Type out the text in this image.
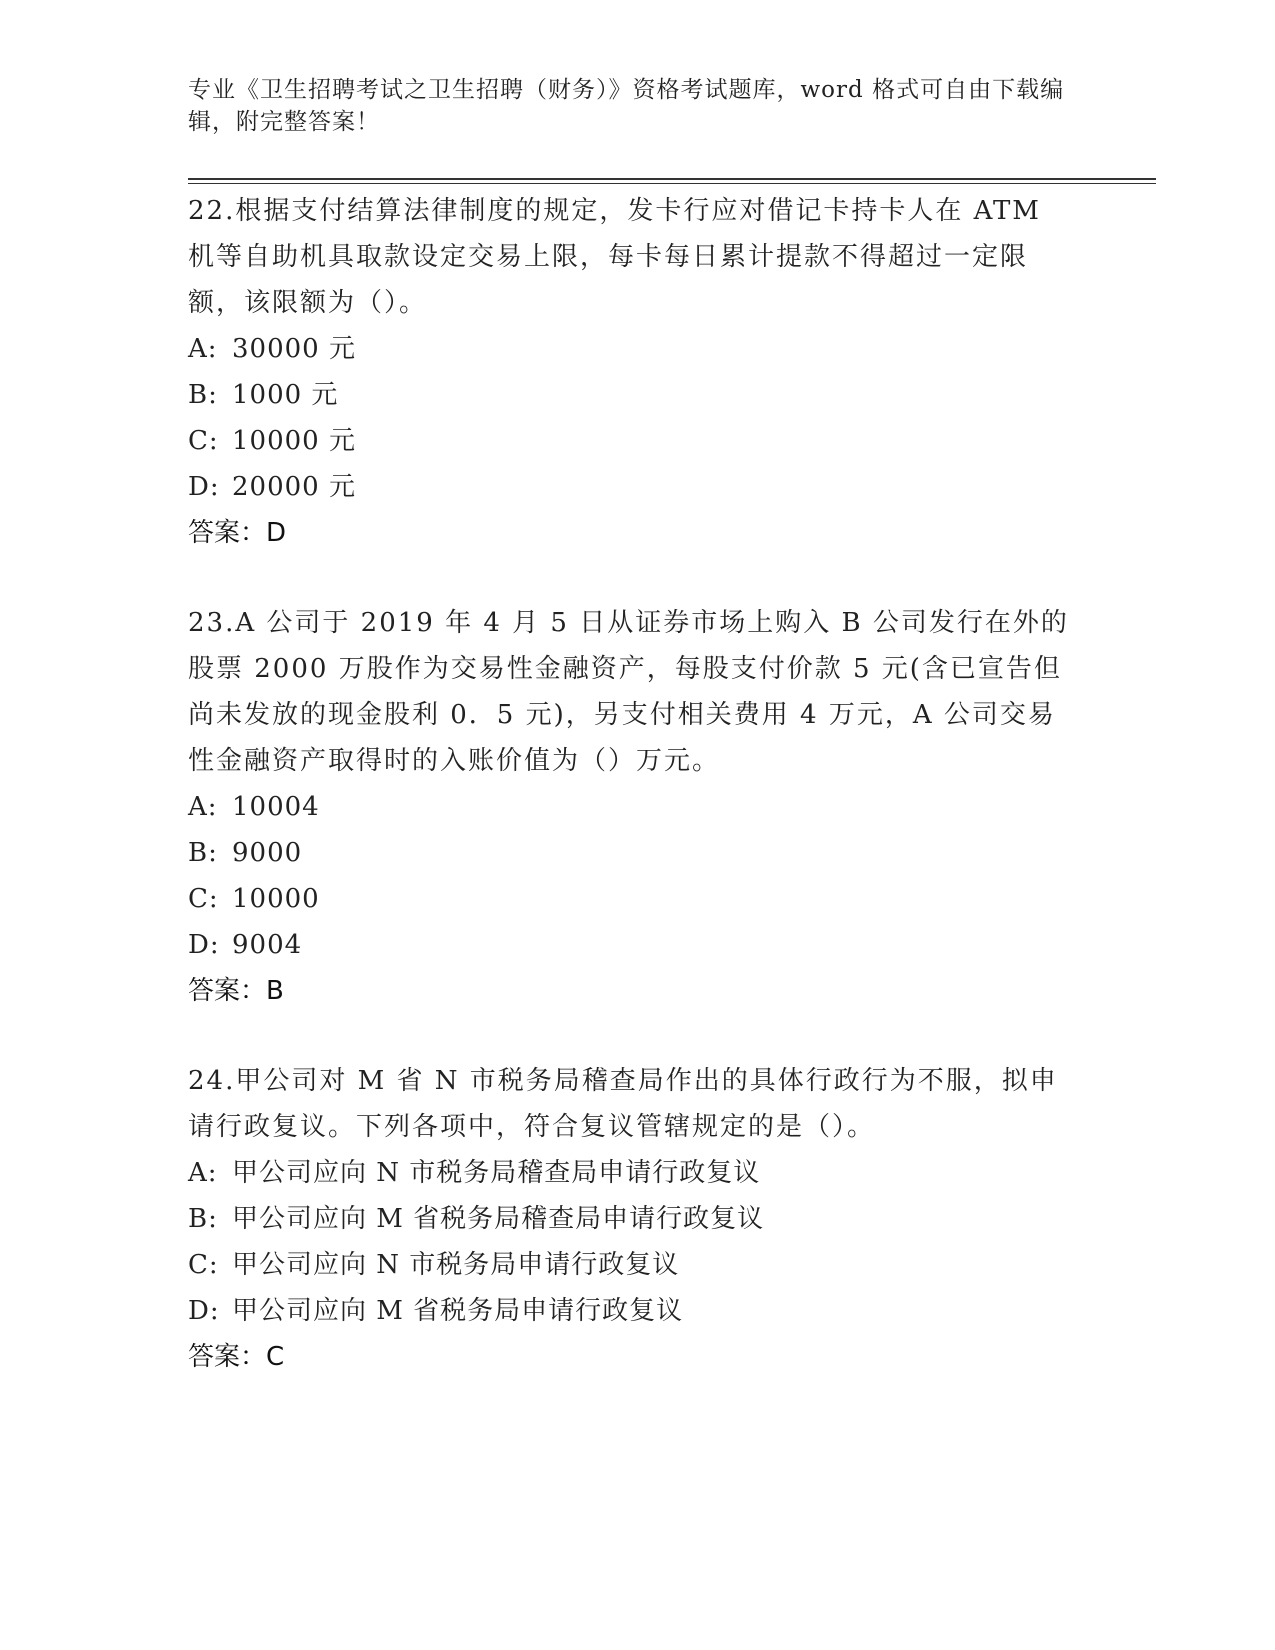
专业《卫生招聘考试之卫生招聘（财务）》资格考试题库，word 格式可自由下载编辑，附完整答案！

22.根据支付结算法律制度的规定，发卡行应对借记卡持卡人在 ATM 机等自助机具取款设定交易上限，每卡每日累计提款不得超过一定限额，该限额为（）。

A: 30000 元
B: 1000 元
C: 10000 元
D: 20000 元

答案：D

23.A 公司于 2019 年 4 月 5 日从证券市场上购入 B 公司发行在外的股票 2000 万股作为交易性金融资产，每股支付价款 5 元(含已宣告但尚未发放的现金股利 0．5 元)，另支付相关费用 4 万元，A 公司交易性金融资产取得时的入账价值为（）万元。

A: 10004
B: 9000
C: 10000
D: 9004

答案：B

24.甲公司对 M 省 N 市税务局稽查局作出的具体行政行为不服，拟申请行政复议。下列各项中，符合复议管辖规定的是（）。

A: 甲公司应向 N 市税务局稽查局申请行政复议
B: 甲公司应向 M 省税务局稽查局申请行政复议
C: 甲公司应向 N 市税务局申请行政复议
D: 甲公司应向 M 省税务局申请行政复议

答案：C
